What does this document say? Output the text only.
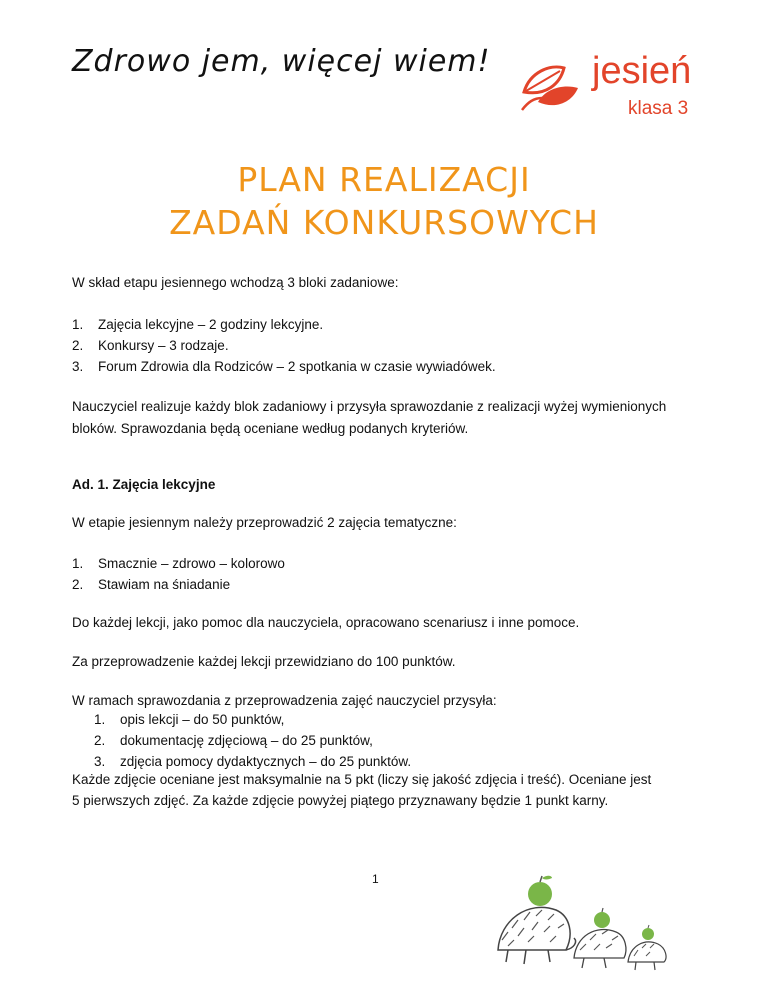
Zdrowo jem, więcej wiem!	jesień
klasa 3
PLAN REALIZACJI
ZADAŃ KONKURSOWYCH
W skład etapu jesiennego wchodzą 3 bloki zadaniowe:
1.	Zajęcia lekcyjne – 2 godziny lekcyjne.
2.	Konkursy – 3 rodzaje.
3.	Forum Zdrowia dla Rodziców – 2 spotkania w czasie wywiadówek.
Nauczyciel realizuje każdy blok zadaniowy i przysyła sprawozdanie z realizacji wyżej wymienionych
bloków. Sprawozdania będą oceniane według podanych kryteriów.
Ad. 1. Zajęcia lekcyjne
W etapie jesiennym należy przeprowadzić 2 zajęcia tematyczne:
1.	Smacznie – zdrowo – kolorowo
2.	Stawiam na śniadanie
Do każdej lekcji, jako pomoc dla nauczyciela, opracowano scenariusz i inne pomoce.
Za przeprowadzenie każdej lekcji przewidziano do 100 punktów.
W ramach sprawozdania z przeprowadzenia zajęć nauczyciel przysyła:
1.	opis lekcji – do 50 punktów,
2.	dokumentację zdjęciową – do 25 punktów,
3.	zdjęcia pomocy dydaktycznych – do 25 punktów.
Każde zdjęcie oceniane jest maksymalnie na 5 pkt (liczy się jakość zdjęcia i treść). Oceniane jest
5 pierwszych zdjęć. Za każde zdjęcie powyżej piątego przyznawany będzie 1 punkt karny.
1
